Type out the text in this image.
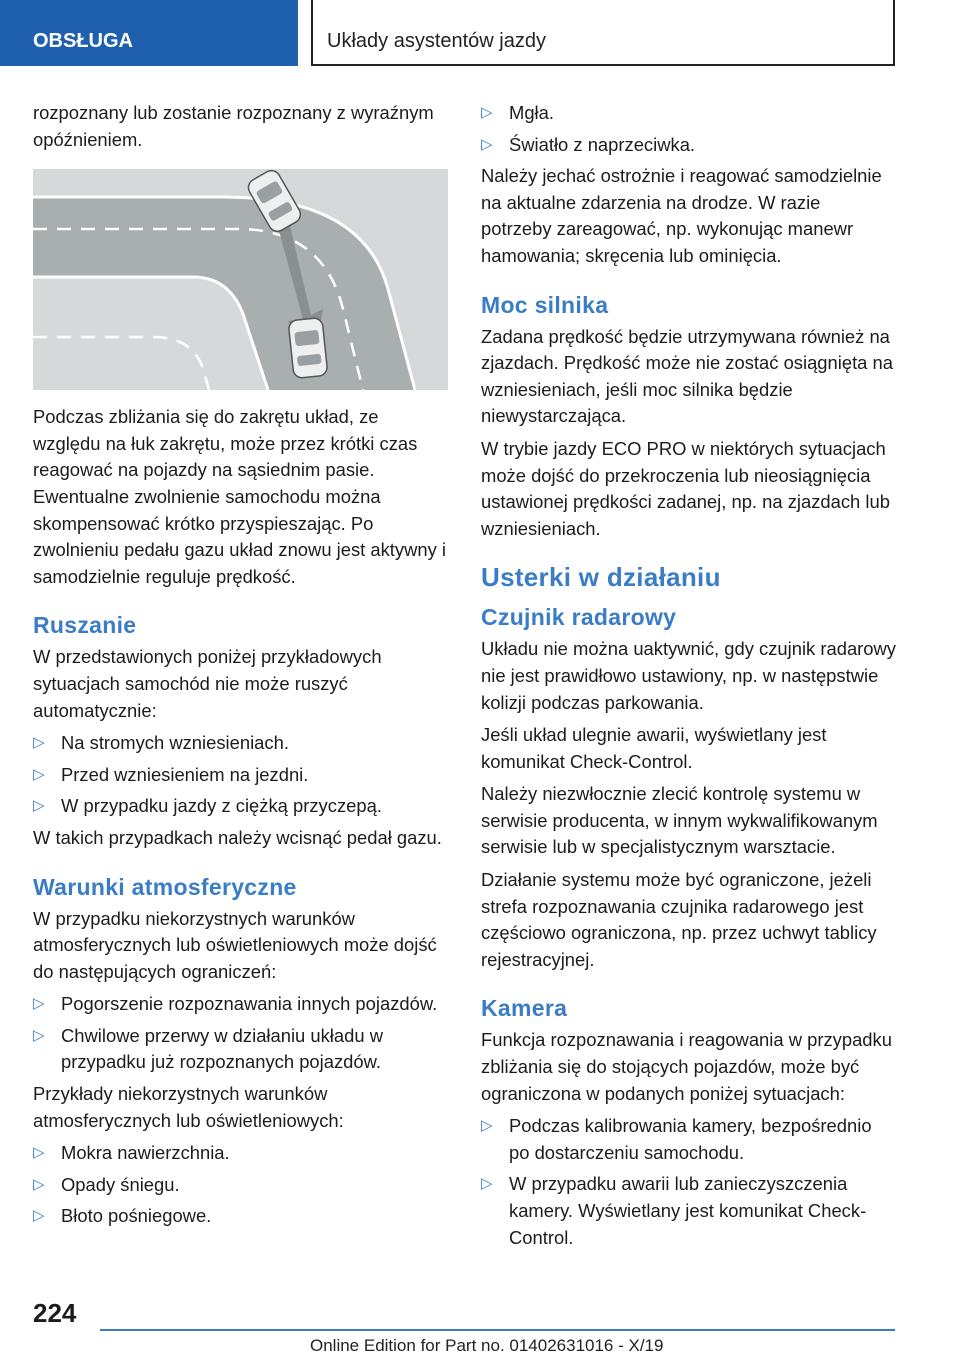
OBSŁUGA	Układy asystentów jazdy

rozpoznany lub zostanie rozpoznany z wyraźnym opóźnieniem.

Podczas zbliżania się do zakrętu układ, ze względu na łuk zakrętu, może przez krótki czas reagować na pojazdy na sąsiednim pasie. Ewentualne zwolnienie samochodu można skompensować krótko przyspieszając. Po zwolnieniu pedału gazu układ znowu jest aktywny i samodzielnie reguluje prędkość.

Ruszanie

W przedstawionych poniżej przykładowych sytuacjach samochód nie może ruszyć automatycznie:

▷ Na stromych wzniesieniach.
▷ Przed wzniesieniem na jezdni.
▷ W przypadku jazdy z ciężką przyczepą.

W takich przypadkach należy wcisnąć pedał gazu.

Warunki atmosferyczne

W przypadku niekorzystnych warunków atmosferycznych lub oświetleniowych może dojść do następujących ograniczeń:

▷ Pogorszenie rozpoznawania innych pojazdów.
▷ Chwilowe przerwy w działaniu układu w przypadku już rozpoznanych pojazdów.

Przykłady niekorzystnych warunków atmosferycznych lub oświetleniowych:

▷ Mokra nawierzchnia.
▷ Opady śniegu.
▷ Błoto pośniegowe.
▷ Mgła.
▷ Światło z naprzeciwka.

Należy jechać ostrożnie i reagować samodzielnie na aktualne zdarzenia na drodze. W razie potrzeby zareagować, np. wykonując manewr hamowania; skręcenia lub ominięcia.

Moc silnika

Zadana prędkość będzie utrzymywana również na zjazdach. Prędkość może nie zostać osiągnięta na wzniesieniach, jeśli moc silnika będzie niewystarczająca.

W trybie jazdy ECO PRO w niektórych sytuacjach może dojść do przekroczenia lub nieosiągnięcia ustawionej prędkości zadanej, np. na zjazdach lub wzniesieniach.

Usterki w działaniu
Czujnik radarowy

Układu nie można uaktywnić, gdy czujnik radarowy nie jest prawidłowo ustawiony, np. w następstwie kolizji podczas parkowania.

Jeśli układ ulegnie awarii, wyświetlany jest komunikat Check-Control.

Należy niezwłocznie zlecić kontrolę systemu w serwisie producenta, w innym wykwalifikowanym serwisie lub w specjalistycznym warsztacie.

Działanie systemu może być ograniczone, jeżeli strefa rozpoznawania czujnika radarowego jest częściowo ograniczona, np. przez uchwyt tablicy rejestracyjnej.

Kamera

Funkcja rozpoznawania i reagowania w przypadku zbliżania się do stojących pojazdów, może być ograniczona w podanych poniżej sytuacjach:

▷ Podczas kalibrowania kamery, bezpośrednio po dostarczeniu samochodu.
▷ W przypadku awarii lub zanieczyszczenia kamery. Wyświetlany jest komunikat Check-Control.
224
Online Edition for Part no. 01402631016 - X/19
